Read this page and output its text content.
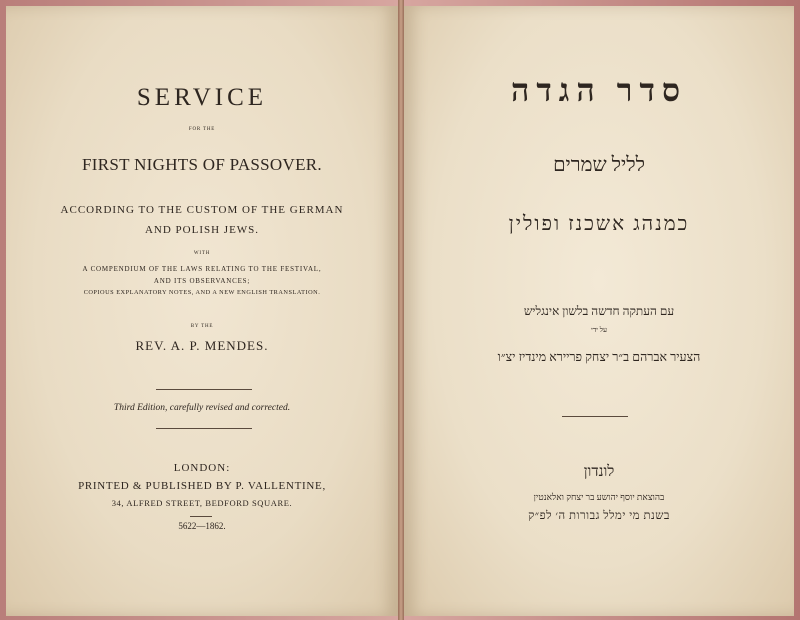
SERVICE

FOR THE

FIRST NIGHTS OF PASSOVER.

ACCORDING TO THE CUSTOM OF THE GERMAN

AND POLISH JEWS.

WITH

A COMPENDIUM OF THE LAWS RELATING TO THE FESTIVAL,

AND ITS OBSERVANCES;

COPIOUS EXPLANATORY NOTES, AND A NEW ENGLISH TRANSLATION.

BY THE

REV. A. P. MENDES.

Third Edition, carefully revised and corrected.

LONDON:

PRINTED & PUBLISHED BY P. VALLENTINE,

34, ALFRED STREET, BEDFORD SQUARE.

5622—1862.

סדר הגדה

לליל שמרים

כמנהג אשכנז ופולין

עם העתקה חדשה בלשון אינגליש

על ידי

הצעיר אברהם ב״ר יצחק פריירא מינדיז יצ״ו

לונדון

בהוצאת יוסף יהושע בר יצחק ואלאנטין

בשנת מי ימלל גבורות ה׳ לפ״ק
